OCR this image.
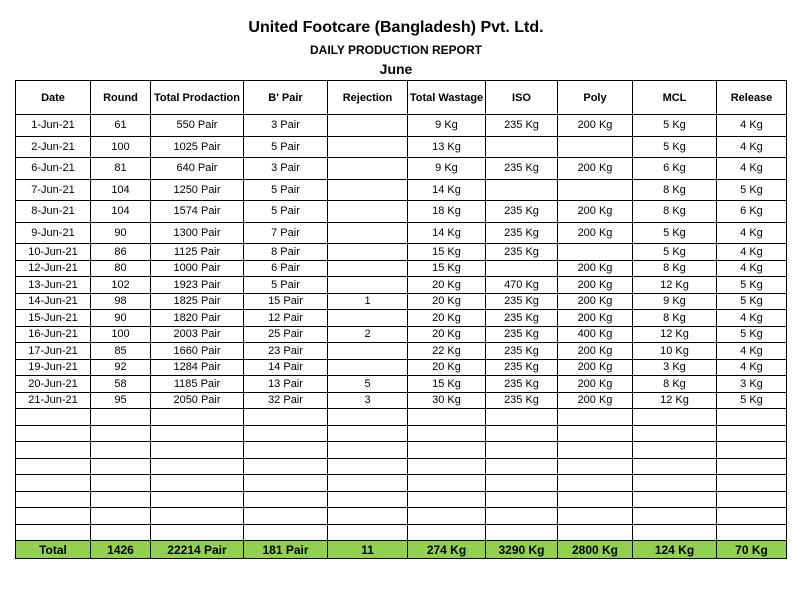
United Footcare (Bangladesh) Pvt. Ltd.
DAILY PRODUCTION REPORT
June
Date	Round	Total Prodaction	B' Pair	Rejection	Total Wastage	ISO	Poly	MCL	Release
1-Jun-21	61	550 Pair	3 Pair		9 Kg	235 Kg	200 Kg	5 Kg	4 Kg
2-Jun-21	100	1025 Pair	5 Pair		13 Kg			5 Kg	4 Kg
6-Jun-21	81	640 Pair	3 Pair		9 Kg	235 Kg	200 Kg	6 Kg	4 Kg
7-Jun-21	104	1250 Pair	5 Pair		14 Kg			8 Kg	5 Kg
8-Jun-21	104	1574 Pair	5 Pair		18 Kg	235 Kg	200 Kg	8 Kg	6 Kg
9-Jun-21	90	1300 Pair	7 Pair		14 Kg	235 Kg	200 Kg	5 Kg	4 Kg
10-Jun-21	86	1125 Pair	8 Pair		15 Kg	235 Kg		5 Kg	4 Kg
12-Jun-21	80	1000 Pair	6 Pair		15 Kg		200 Kg	8 Kg	4 Kg
13-Jun-21	102	1923 Pair	5 Pair		20 Kg	470 Kg	200 Kg	12 Kg	5 Kg
14-Jun-21	98	1825 Pair	15 Pair	1	20 Kg	235 Kg	200 Kg	9 Kg	5 Kg
15-Jun-21	90	1820 Pair	12 Pair		20 Kg	235 Kg	200 Kg	8 Kg	4 Kg
16-Jun-21	100	2003 Pair	25 Pair	2	20 Kg	235 Kg	400 Kg	12 Kg	5 Kg
17-Jun-21	85	1660 Pair	23 Pair		22 Kg	235 Kg	200 Kg	10 Kg	4 Kg
19-Jun-21	92	1284 Pair	14 Pair		20 Kg	235 Kg	200 Kg	3 Kg	4 Kg
20-Jun-21	58	1185 Pair	13 Pair	5	15 Kg	235 Kg	200 Kg	8 Kg	3 Kg
21-Jun-21	95	2050 Pair	32 Pair	3	30 Kg	235 Kg	200 Kg	12 Kg	5 Kg

Total	1426	22214 Pair	181 Pair	11	274 Kg	3290 Kg	2800 Kg	124 Kg	70 Kg
